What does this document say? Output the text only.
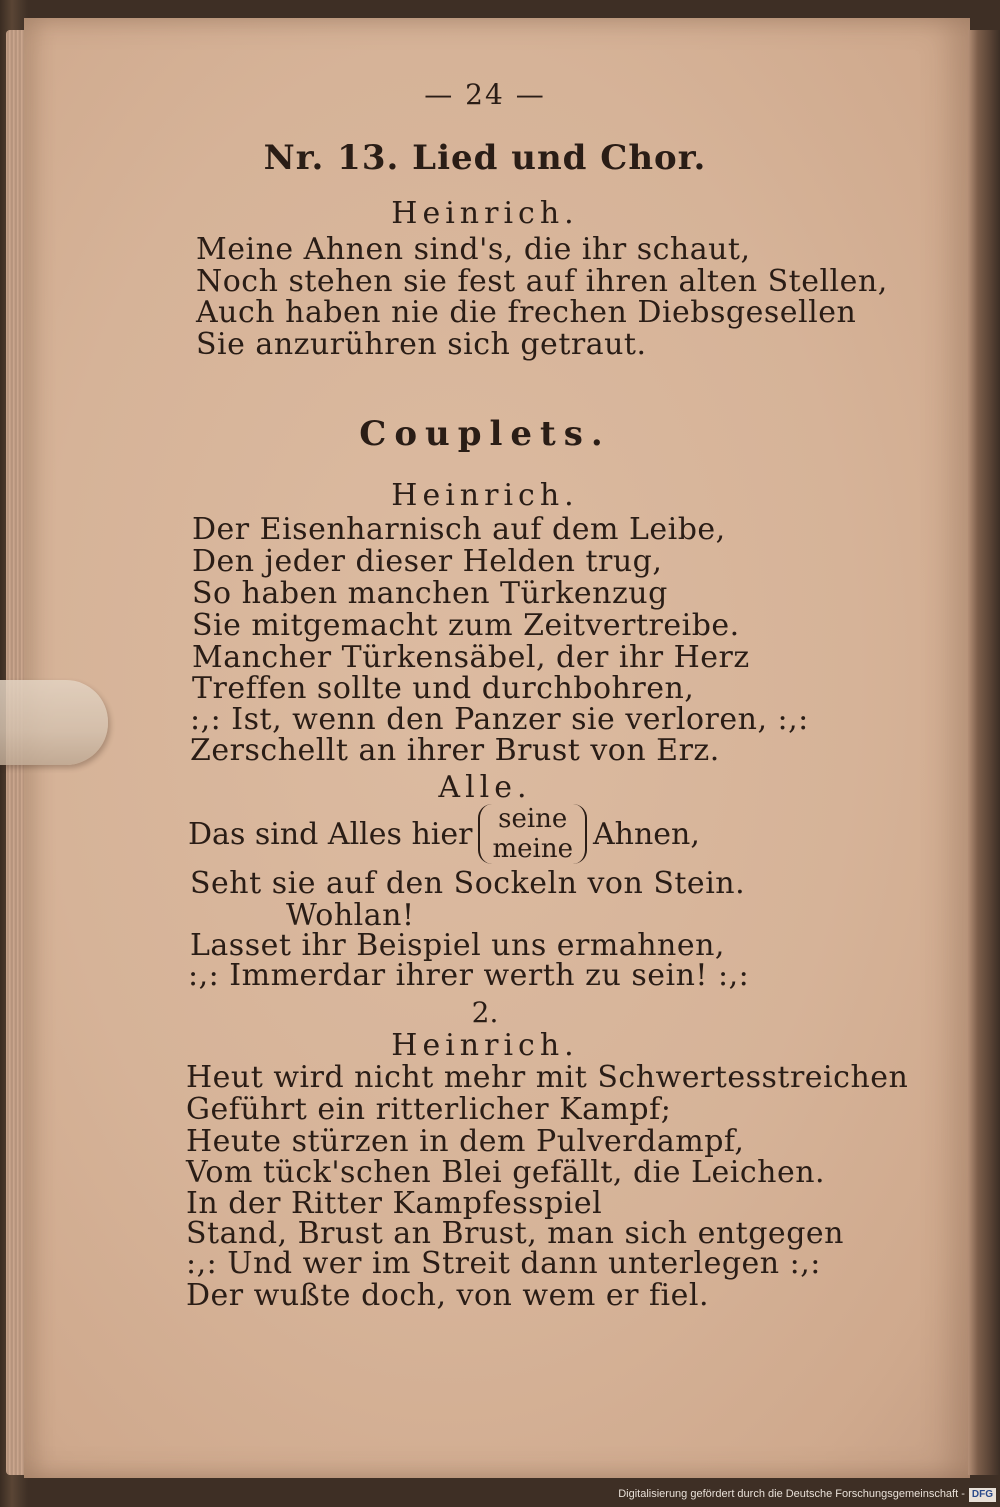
— 24 —
Nr. 13. Lied und Chor.
Heinrich.
Meine Ahnen sind's, die ihr schaut,
Noch stehen sie fest auf ihren alten Stellen,
Auch haben nie die frechen Diebsgesellen
Sie anzurühren sich getraut.
Couplets.
Heinrich.
Der Eisenharnisch auf dem Leibe,
Den jeder dieser Helden trug,
So haben manchen Türkenzug
Sie mitgemacht zum Zeitvertreibe.
Mancher Türkensäbel, der ihr Herz
Treffen sollte und durchbohren,
:,: Ist, wenn den Panzer sie verloren, :,:
Zerschellt an ihrer Brust von Erz.
Alle.
Das sind Alles hier seine
meine Ahnen,
Seht sie auf den Sockeln von Stein.
Wohlan!
Lasset ihr Beispiel uns ermahnen,
:,: Immerdar ihrer werth zu sein! :,:
2.
Heinrich.
Heut wird nicht mehr mit Schwertesstreichen
Geführt ein ritterlicher Kampf;
Heute stürzen in dem Pulverdampf,
Vom tück'schen Blei gefällt, die Leichen.
In der Ritter Kampfesspiel
Stand, Brust an Brust, man sich entgegen
:,: Und wer im Streit dann unterlegen :,:
Der wußte doch, von wem er fiel.
Digitalisierung gefördert durch die Deutsche Forschungsgemeinschaft - DFG
